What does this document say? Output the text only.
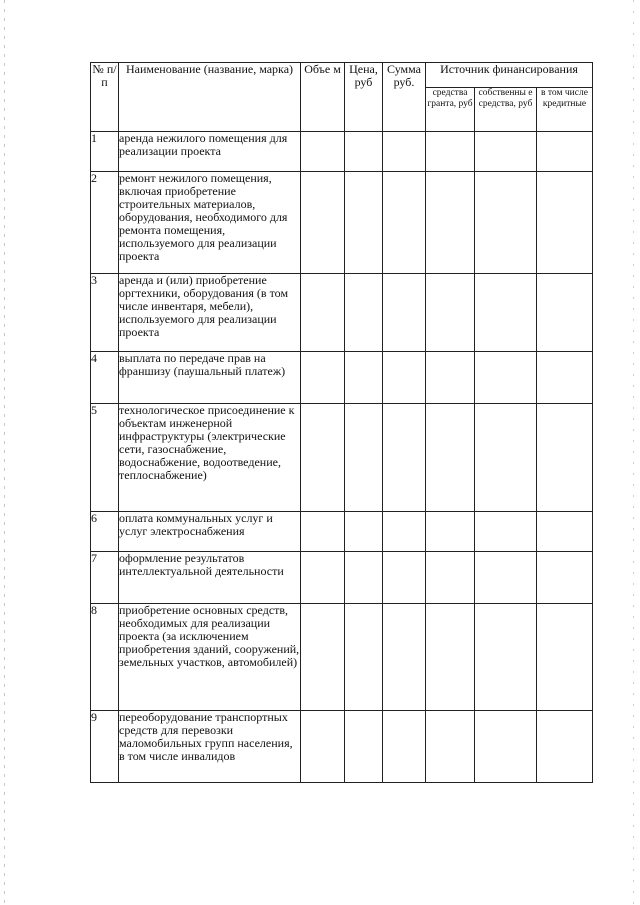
№ п/п	Наименование (название, марка)	Объе м	Цена, руб	Сумма руб.	Источник финансирования		
					средства гранта, руб	собственны е средства, руб	в том числе кредитные
1	аренда нежилого помещения для реализации проекта						
2	ремонт нежилого помещения, включая приобретение строительных материалов, оборудования, необходимого для ремонта помещения, используемого для реализации проекта						
3	аренда и (или) приобретение оргтехники, оборудования (в том числе инвентаря, мебели), используемого для реализации проекта						
4	выплата по передаче прав на франшизу (паушальный платеж)						
5	технологическое присоединение к объектам инженерной инфраструктуры (электрические сети, газоснабжение, водоснабжение, водоотведение, теплоснабжение)						
6	оплата коммунальных услуг и услуг электроснабжения						
7	оформление результатов интеллектуальной деятельности						
8	приобретение основных средств, необходимых для реализации проекта (за исключением приобретения зданий, сооружений, земельных участков, автомобилей)						
9	переоборудование транспортных средств для перевозки маломобильных групп населения, в том числе инвалидов						
